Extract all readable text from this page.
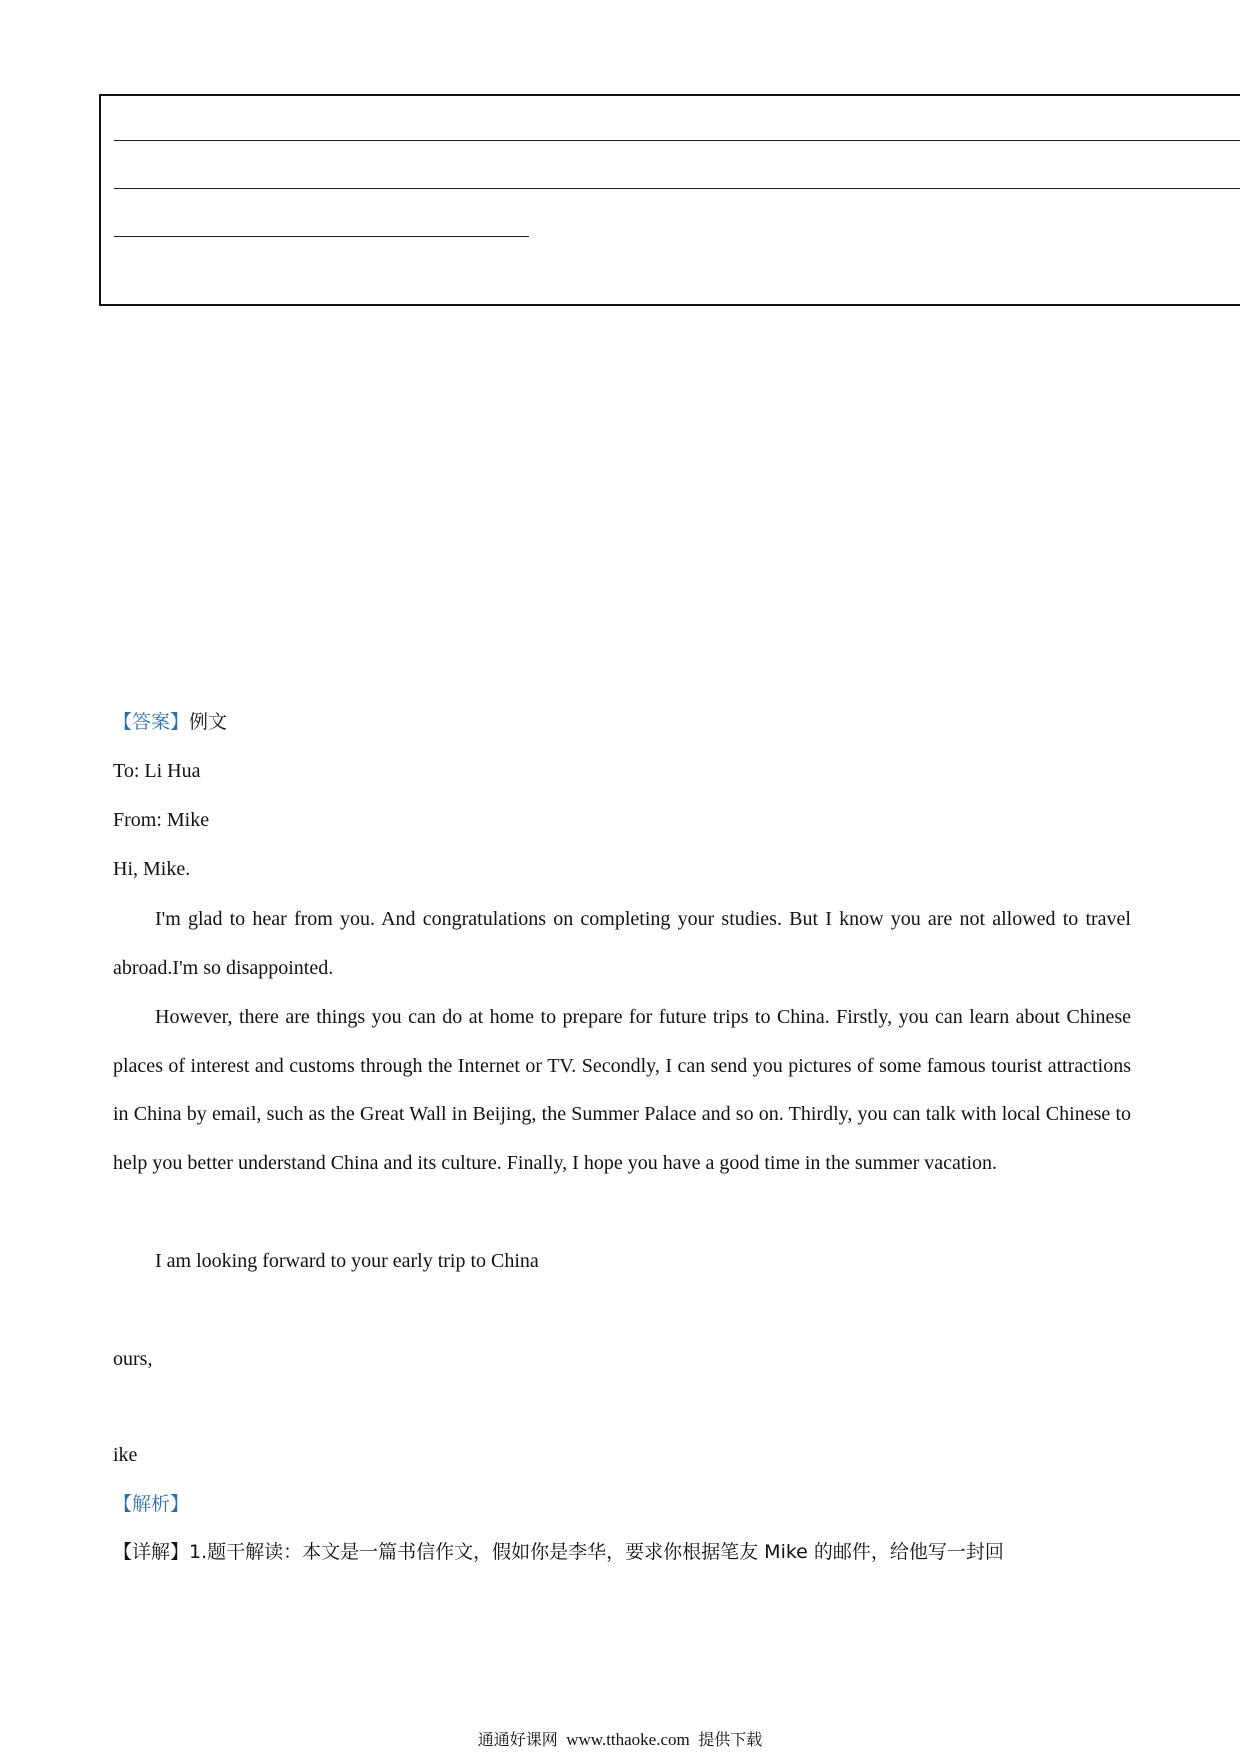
【答案】例文
To: Li Hua
From: Mike
Hi, Mike.
I'm glad to hear from you. And congratulations on completing your studies. But I know you are not allowed to travel abroad.I'm so disappointed.
However, there are things you can do at home to prepare for future trips to China. Firstly, you can learn about Chinese places of interest and customs through the Internet or TV. Secondly, I can send you pictures of some famous tourist attractions in China by email, such as the Great Wall in Beijing, the Summer Palace and so on. Thirdly, you can talk with local Chinese to help you better understand China and its culture. Finally, I hope you have a good time in the summer vacation.
I am looking forward to your early trip to China
ours,
ike
【解析】
【详解】1.题干解读：本文是一篇书信作文，假如你是李华，要求你根据笔友 Mike 的邮件，给他写一封回
通通好课网 www.tthaoke.com 提供下载
